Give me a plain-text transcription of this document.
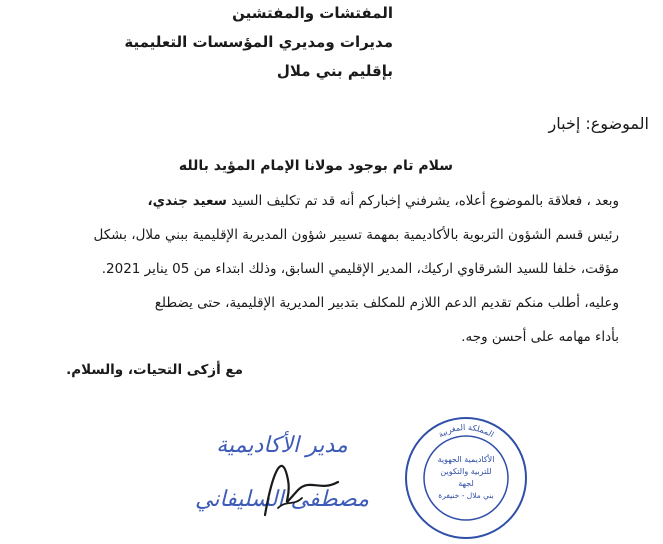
المفتشات والمفتشين
مديرات ومديري المؤسسات التعليمية
بإقليم بني ملال
الموضوع: إخبار
سلام تام بوجود مولانا الإمام المؤيد بالله
وبعد ، فعلاقة بالموضوع أعلاه، يشرفني إخباركم أنه قد تم تكليف السيد سعيد جندي،
رئيس قسم الشؤون التربوية بالأكاديمية بمهمة تسيير شؤون المديرية الإقليمية ببني ملال، بشكل
مؤقت، خلفا للسيد الشرقاوي اركيك، المدير الإقليمي السابق، وذلك ابتداء من 05 يناير 2021.
وعليه، أطلب منكم تقديم الدعم اللازم للمكلف بتدبير المديرية الإقليمية، حتى يضطلع
بأداء مهامه على أحسن وجه.
مع أزكى التحيات، والسلام.
المملكة المغربية
الأكاديمية الجهوية
للتربية والتكوين
لجهة
بني ملال - خنيفرة
مدير الأكاديمية
مصطفى السليفاني
